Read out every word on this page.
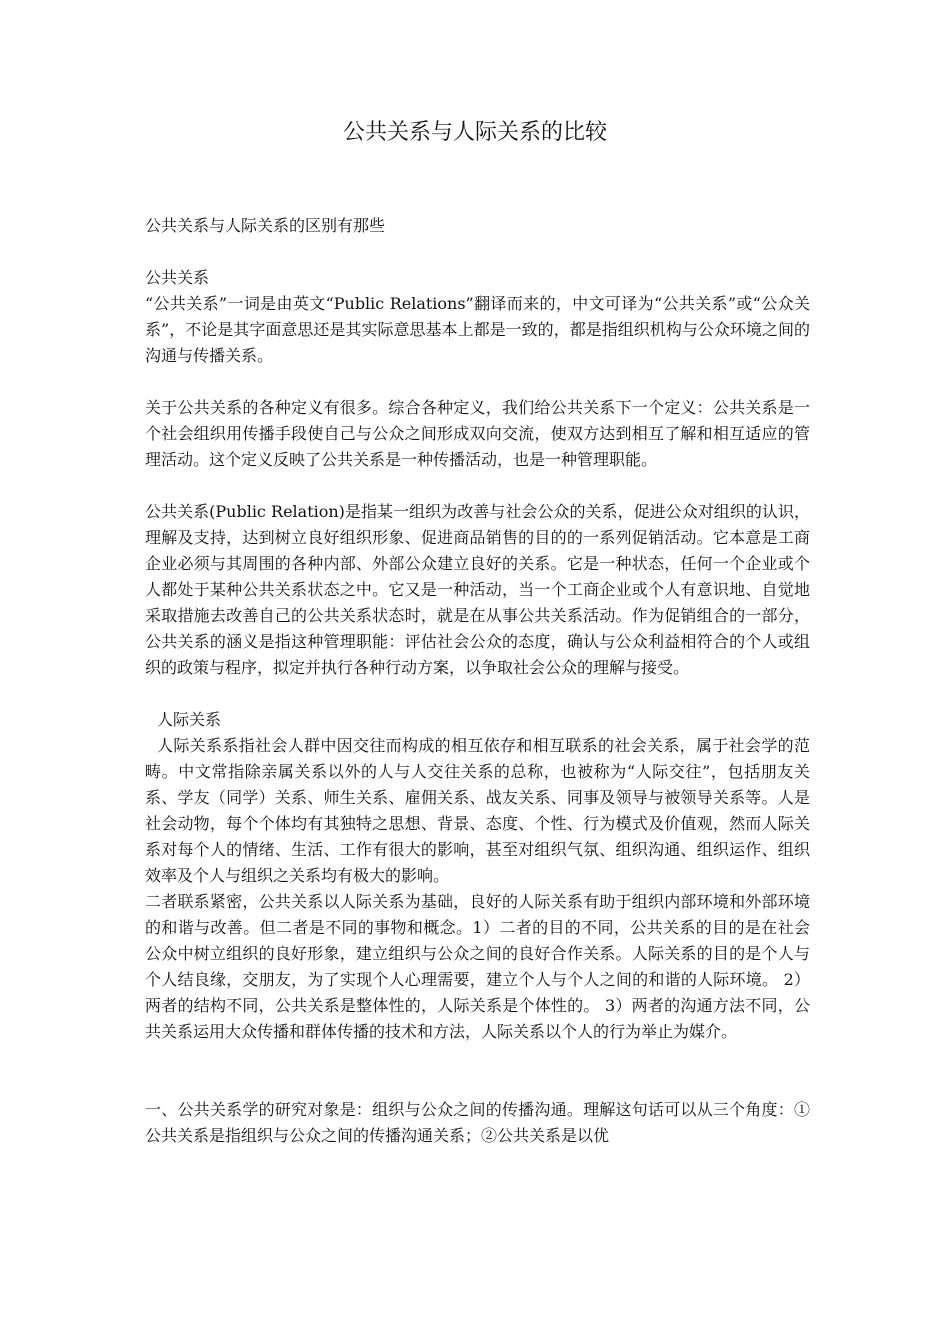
公共关系与人际关系的比较

公共关系与人际关系的区别有那些

公共关系

“公共关系”一词是由英文“Public Relations”翻译而来的，中文可译为“公共关系”或“公众关系”，不论是其字面意思还是其实际意思基本上都是一致的，都是指组织机构与公众环境之间的沟通与传播关系。

关于公共关系的各种定义有很多。综合各种定义，我们给公共关系下一个定义：公共关系是一个社会组织用传播手段使自己与公众之间形成双向交流，使双方达到相互了解和相互适应的管理活动。这个定义反映了公共关系是一种传播活动，也是一种管理职能。

公共关系(Public Relation)是指某一组织为改善与社会公众的关系，促进公众对组织的认识，理解及支持，达到树立良好组织形象、促进商品销售的目的的一系列促销活动。它本意是工商企业必须与其周围的各种内部、外部公众建立良好的关系。它是一种状态，任何一个企业或个人都处于某种公共关系状态之中。它又是一种活动，当一个工商企业或个人有意识地、自觉地采取措施去改善自己的公共关系状态时，就是在从事公共关系活动。作为促销组合的一部分，公共关系的涵义是指这种管理职能：评估社会公众的态度，确认与公众利益相符合的个人或组织的政策与程序，拟定并执行各种行动方案，以争取社会公众的理解与接受。

人际关系

人际关系系指社会人群中因交往而构成的相互依存和相互联系的社会关系，属于社会学的范畴。中文常指除亲属关系以外的人与人交往关系的总称，也被称为“人际交往”，包括朋友关系、学友（同学）关系、师生关系、雇佣关系、战友关系、同事及领导与被领导关系等。人是社会动物，每个个体均有其独特之思想、背景、态度、个性、行为模式及价值观，然而人际关系对每个人的情绪、生活、工作有很大的影响，甚至对组织气氛、组织沟通、组织运作、组织效率及个人与组织之关系均有极大的影响。

二者联系紧密，公共关系以人际关系为基础，良好的人际关系有助于组织内部环境和外部环境的和谐与改善。但二者是不同的事物和概念。1）二者的目的不同，公共关系的目的是在社会公众中树立组织的良好形象，建立组织与公众之间的良好合作关系。人际关系的目的是个人与个人结良缘，交朋友，为了实现个人心理需要，建立个人与个人之间的和谐的人际环境。 2）两者的结构不同，公共关系是整体性的，人际关系是个体性的。 3）两者的沟通方法不同，公共关系运用大众传播和群体传播的技术和方法，人际关系以个人的行为举止为媒介。

一、公共关系学的研究对象是：组织与公众之间的传播沟通。理解这句话可以从三个角度：①公共关系是指组织与公众之间的传播沟通关系；②公共关系是以优
